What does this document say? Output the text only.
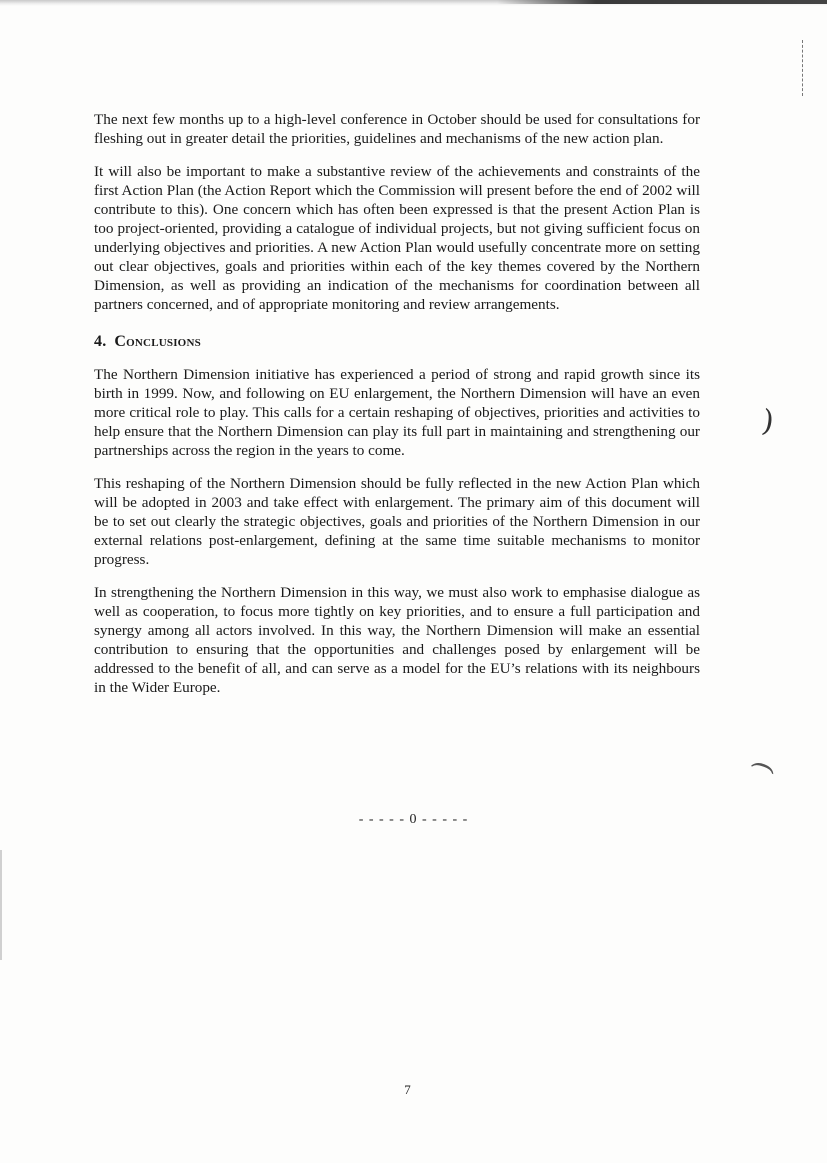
)
)

The next few months up to a high-level conference in October should be used for consultations for fleshing out in greater detail the priorities, guidelines and mechanisms of the new action plan.

It will also be important to make a substantive review of the achievements and constraints of the first Action Plan (the Action Report which the Commission will present before the end of 2002 will contribute to this). One concern which has often been expressed is that the present Action Plan is too project-oriented, providing a catalogue of individual projects, but not giving sufficient focus on underlying objectives and priorities. A new Action Plan would usefully concentrate more on setting out clear objectives, goals and priorities within each of the key themes covered by the Northern Dimension, as well as providing an indication of the mechanisms for coordination between all partners concerned, and of appropriate monitoring and review arrangements.

4. Conclusions

The Northern Dimension initiative has experienced a period of strong and rapid growth since its birth in 1999. Now, and following on EU enlargement, the Northern Dimension will have an even more critical role to play. This calls for a certain reshaping of objectives, priorities and activities to help ensure that the Northern Dimension can play its full part in maintaining and strengthening our partnerships across the region in the years to come.

This reshaping of the Northern Dimension should be fully reflected in the new Action Plan which will be adopted in 2003 and take effect with enlargement. The primary aim of this document will be to set out clearly the strategic objectives, goals and priorities of the Northern Dimension in our external relations post-enlargement, defining at the same time suitable mechanisms to monitor progress.

In strengthening the Northern Dimension in this way, we must also work to emphasise dialogue as well as cooperation, to focus more tightly on key priorities, and to ensure a full participation and synergy among all actors involved. In this way, the Northern Dimension will make an essential contribution to ensuring that the opportunities and challenges posed by enlargement will be addressed to the benefit of all, and can serve as a model for the EU’s relations with its neighbours in the Wider Europe.

- - - - - 0 - - - - -
7
